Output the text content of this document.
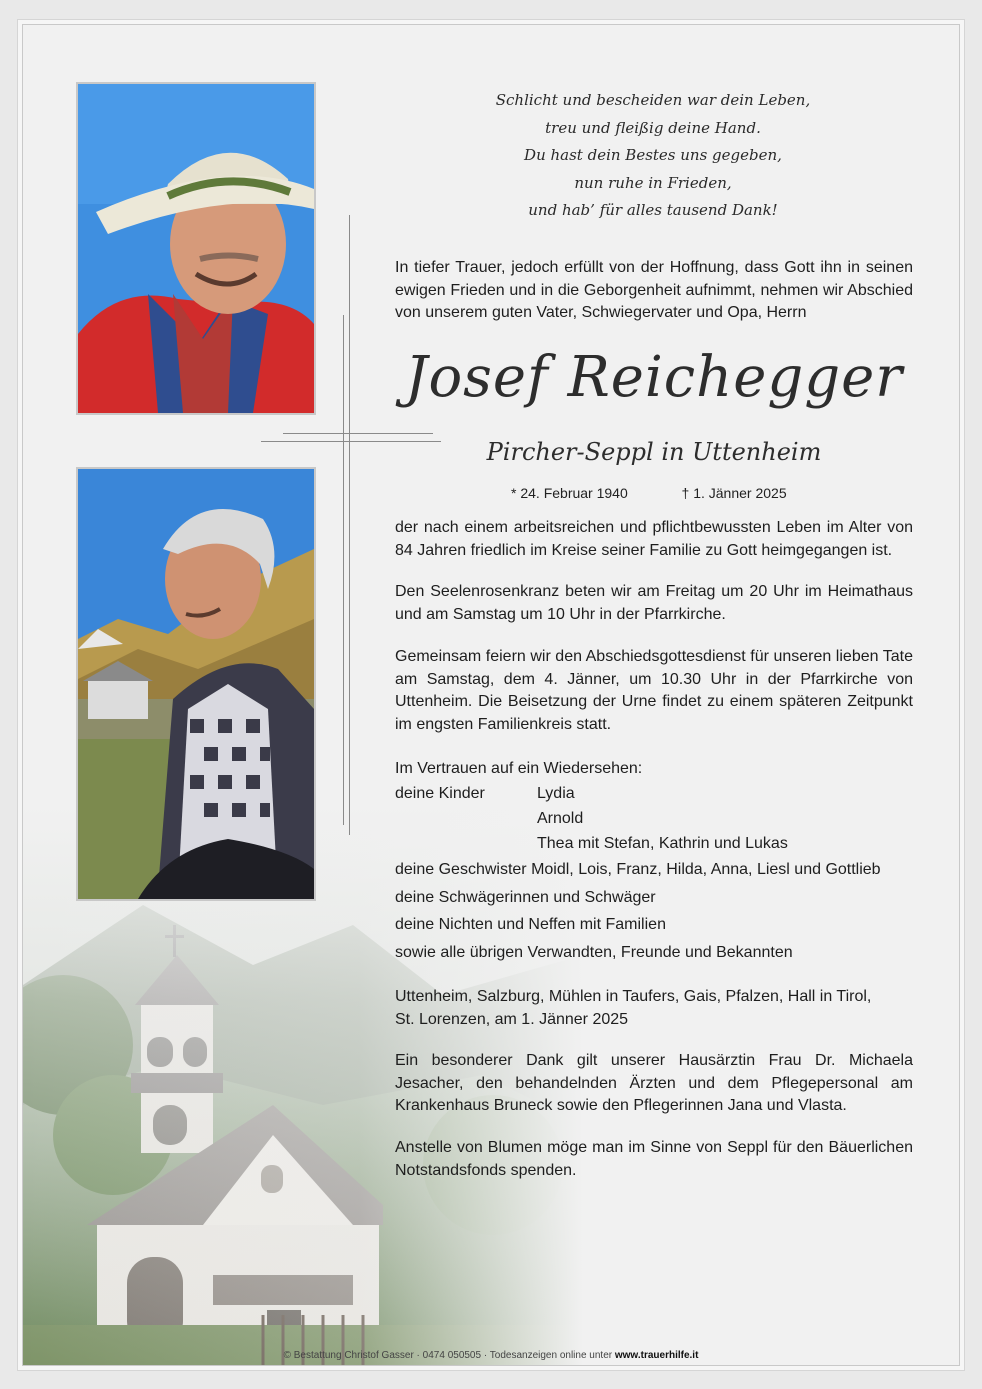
Schlicht und bescheiden war dein Leben,
treu und fleißig deine Hand.
Du hast dein Bestes uns gegeben,
nun ruhe in Frieden,
und hab’ für alles tausend Dank!
In tiefer Trauer, jedoch erfüllt von der Hoffnung, dass Gott ihn in seinen ewigen Frieden und in die Geborgenheit aufnimmt, nehmen wir Abschied von unserem guten Vater, Schwiegervater und Opa, Herrn
Josef Reichegger
Pircher-Seppl in Uttenheim
* 24. Februar 1940	† 1. Jänner 2025
der nach einem arbeitsreichen und pflichtbewussten Leben im Alter von 84 Jahren friedlich im Kreise seiner Familie zu Gott heimgegangen ist.
Den Seelenrosenkranz beten wir am Freitag um 20 Uhr im Heimathaus und am Samstag um 10 Uhr in der Pfarrkirche.
Gemeinsam feiern wir den Abschiedsgottesdienst für unseren lieben Tate am Samstag, dem 4. Jänner, um 10.30 Uhr in der Pfarrkirche von Uttenheim. Die Beisetzung der Urne findet zu einem späteren Zeitpunkt im engsten Familienkreis statt.
Im Vertrauen auf ein Wiedersehen:
deine Kinder	Lydia
Arnold
Thea mit Stefan, Kathrin und Lukas
deine Geschwister Moidl, Lois, Franz, Hilda, Anna, Liesl und Gottlieb
deine Schwägerinnen und Schwäger
deine Nichten und Neffen mit Familien
sowie alle übrigen Verwandten, Freunde und Bekannten
Uttenheim, Salzburg, Mühlen in Taufers, Gais, Pfalzen, Hall in Tirol, St. Lorenzen, am 1. Jänner 2025
Ein besonderer Dank gilt unserer Hausärztin Frau Dr. Michaela Jesacher, den behandelnden Ärzten und dem Pflegepersonal am Krankenhaus Bruneck sowie den Pflegerinnen Jana und Vlasta.
Anstelle von Blumen möge man im Sinne von Seppl für den Bäuerlichen Notstandsfonds spenden.
© Bestattung Christof Gasser · 0474 050505 · Todesanzeigen online unter www.trauerhilfe.it
